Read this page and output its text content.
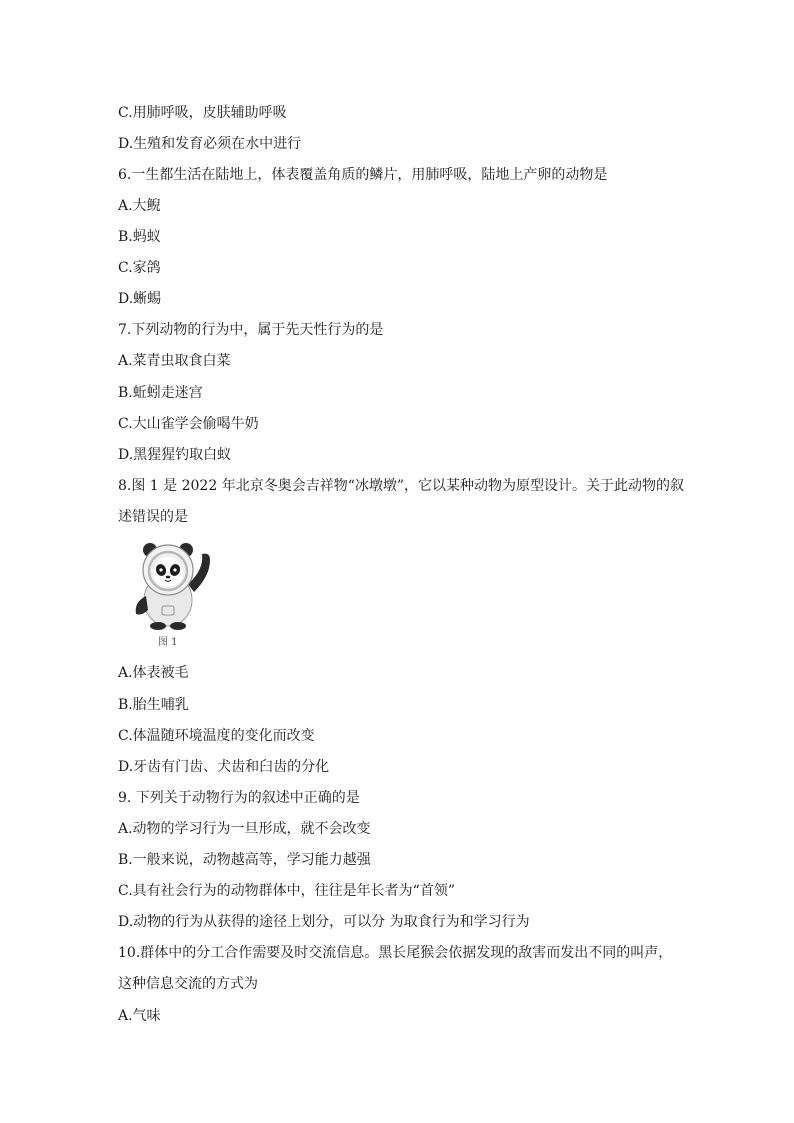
C.用肺呼吸，皮肤辅助呼吸
D.生殖和发育必须在水中进行
6.一生都生活在陆地上，体表覆盖角质的鳞片，用肺呼吸，陆地上产卵的动物是
A.大鲵
B.蚂蚁
C.家鸽
D.蜥蜴
7.下列动物的行为中，属于先天性行为的是
A.菜青虫取食白菜
B.蚯蚓走迷宫
C.大山雀学会偷喝牛奶
D.黑猩猩钓取白蚁
8.图 1 是 2022 年北京冬奥会吉祥物“冰墩墩”，它以某种动物为原型设计。关于此动物的叙
述错误的是
图 1
A.体表被毛
B.胎生哺乳
C.体温随环境温度的变化而改变
D.牙齿有门齿、犬齿和臼齿的分化
9. 下列关于动物行为的叙述中正确的是
A.动物的学习行为一旦形成，就不会改变
B.一般来说，动物越高等，学习能力越强
C.具有社会行为的动物群体中，往往是年长者为“首领”
D.动物的行为从获得的途径上划分，可以分 为取食行为和学习行为
10.群体中的分工合作需要及时交流信息。黑长尾猴会依据发现的敌害而发出不同的叫声，
这种信息交流的方式为
A.气味
